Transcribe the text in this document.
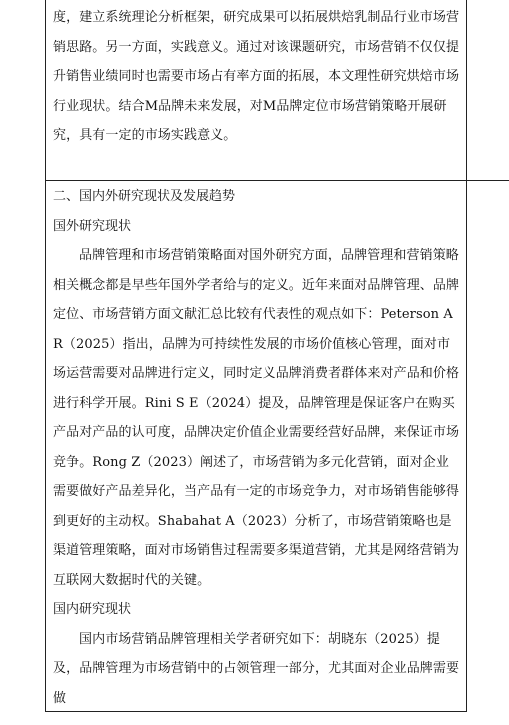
度，建立系统理论分析框架，研究成果可以拓展烘焙乳制品行业市场营销思路。另一方面，实践意义。通过对该课题研究，市场营销不仅仅提升销售业绩同时也需要市场占有率方面的拓展，本文理性研究烘焙市场行业现状。结合M品牌未来发展，对M品牌定位市场营销策略开展研究，具有一定的市场实践意义。

二、国内外研究现状及发展趋势

国外研究现状

品牌管理和市场营销策略面对国外研究方面，品牌管理和营销策略相关概念都是早些年国外学者给与的定义。近年来面对品牌管理、品牌定位、市场营销方面文献汇总比较有代表性的观点如下：Peterson A R（2025）指出，品牌为可持续性发展的市场价值核心管理，面对市场运营需要对品牌进行定义，同时定义品牌消费者群体来对产品和价格进行科学开展。Rini S E（2024）提及，品牌管理是保证客户在购买产品对产品的认可度，品牌决定价值企业需要经营好品牌，来保证市场竞争。Rong Z（2023）阐述了，市场营销为多元化营销，面对企业需要做好产品差异化，当产品有一定的市场竞争力，对市场销售能够得到更好的主动权。Shabahat A（2023）分析了，市场营销策略也是渠道管理策略，面对市场销售过程需要多渠道营销，尤其是网络营销为互联网大数据时代的关键。

国内研究现状

国内市场营销品牌管理相关学者研究如下：胡晓东（2025）提及，品牌管理为市场营销中的占领管理一部分，尤其面对企业品牌需要做
